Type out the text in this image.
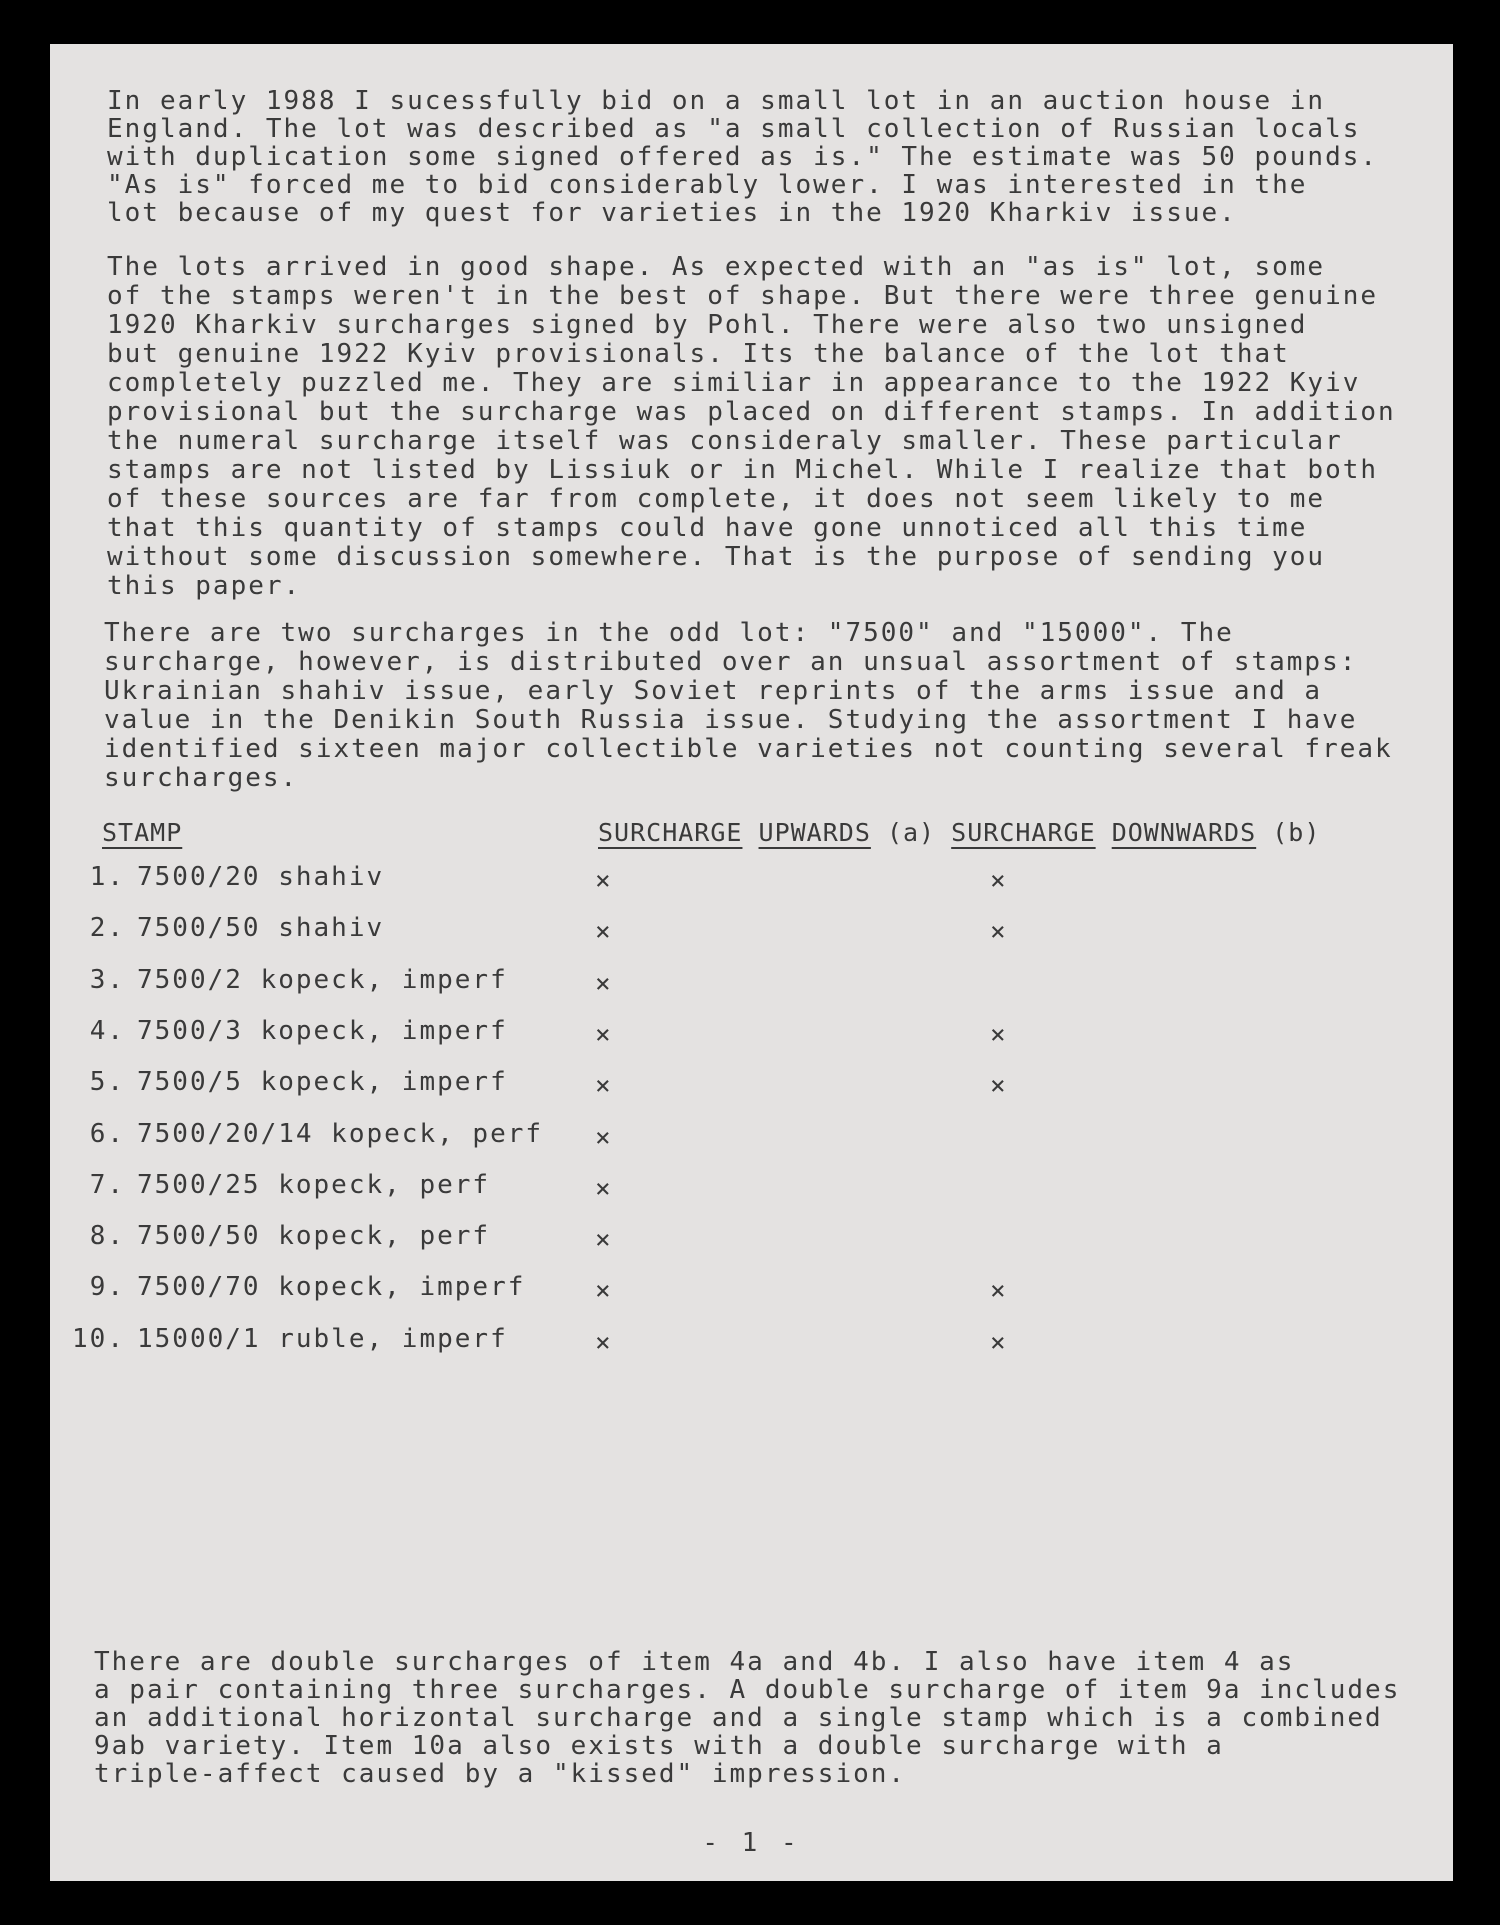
In early 1988 I sucessfully bid on a small lot in an auction house in
England. The lot was described as "a small collection of Russian locals
with duplication some signed offered as is." The estimate was 50 pounds.
"As is" forced me to bid considerably lower. I was interested in the
lot because of my quest for varieties in the 1920 Kharkiv issue.
The lots arrived in good shape. As expected with an "as is" lot, some
of the stamps weren't in the best of shape. But there were three genuine
1920 Kharkiv surcharges signed by Pohl. There were also two unsigned
but genuine 1922 Kyiv provisionals. Its the balance of the lot that
completely puzzled me. They are similiar in appearance to the 1922 Kyiv
provisional but the surcharge was placed on different stamps. In addition
the numeral surcharge itself was consideraly smaller. These particular
stamps are not listed by Lissiuk or in Michel. While I realize that both
of these sources are far from complete, it does not seem likely to me
that this quantity of stamps could have gone unnoticed all this time
without some discussion somewhere. That is the purpose of sending you
this paper.
There are two surcharges in the odd lot: "7500" and "15000". The
surcharge, however, is distributed over an unsual assortment of stamps:
Ukrainian shahiv issue, early Soviet reprints of the arms issue and a
value in the Denikin South Russia issue. Studying the assortment I have
identified sixteen major collectible varieties not counting several freak
surcharges.
STAMP	SURCHARGE UPWARDS (a) SURCHARGE DOWNWARDS (b)
1. 7500/20 shahiv	×	×
2. 7500/50 shahiv	×	×
3. 7500/2 kopeck, imperf	×
4. 7500/3 kopeck, imperf	×	×
5. 7500/5 kopeck, imperf	×	×
6. 7500/20/14 kopeck, perf ×
7. 7500/25 kopeck, perf	×
8. 7500/50 kopeck, perf	×
9. 7500/70 kopeck, imperf	×	×
10. 15000/1 ruble, imperf	×	×
There are double surcharges of item 4a and 4b. I also have item 4 as
a pair containing three surcharges. A double surcharge of item 9a includes
an additional horizontal surcharge and a single stamp which is a combined
9ab variety. Item 10a also exists with a double surcharge with a
triple-affect caused by a "kissed" impression.
- 1 -
